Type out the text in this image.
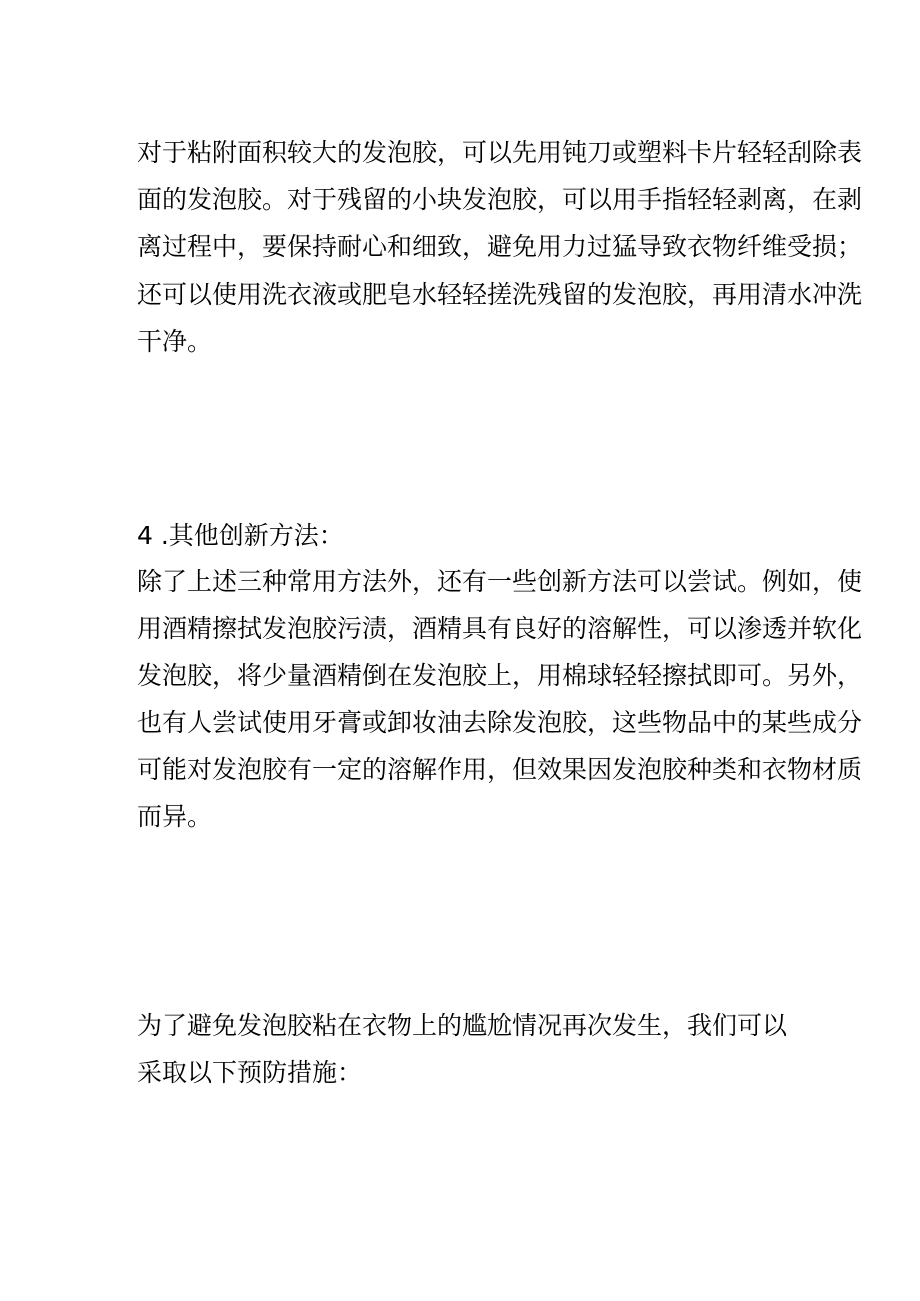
对于粘附面积较大的发泡胶，可以先用钝刀或塑料卡片轻轻刮除表
面的发泡胶。对于残留的小块发泡胶，可以用手指轻轻剥离，在剥
离过程中，要保持耐心和细致，避免用力过猛导致衣物纤维受损；
还可以使用洗衣液或肥皂水轻轻搓洗残留的发泡胶，再用清水冲洗
干净。
4 .其他创新方法：
除了上述三种常用方法外，还有一些创新方法可以尝试。例如，使
用酒精擦拭发泡胶污渍，酒精具有良好的溶解性，可以渗透并软化
发泡胶，将少量酒精倒在发泡胶上，用棉球轻轻擦拭即可。另外，
也有人尝试使用牙膏或卸妆油去除发泡胶，这些物品中的某些成分
可能对发泡胶有一定的溶解作用，但效果因发泡胶种类和衣物材质
而异。
为了避免发泡胶粘在衣物上的尴尬情况再次发生，我们可以
采取以下预防措施：
